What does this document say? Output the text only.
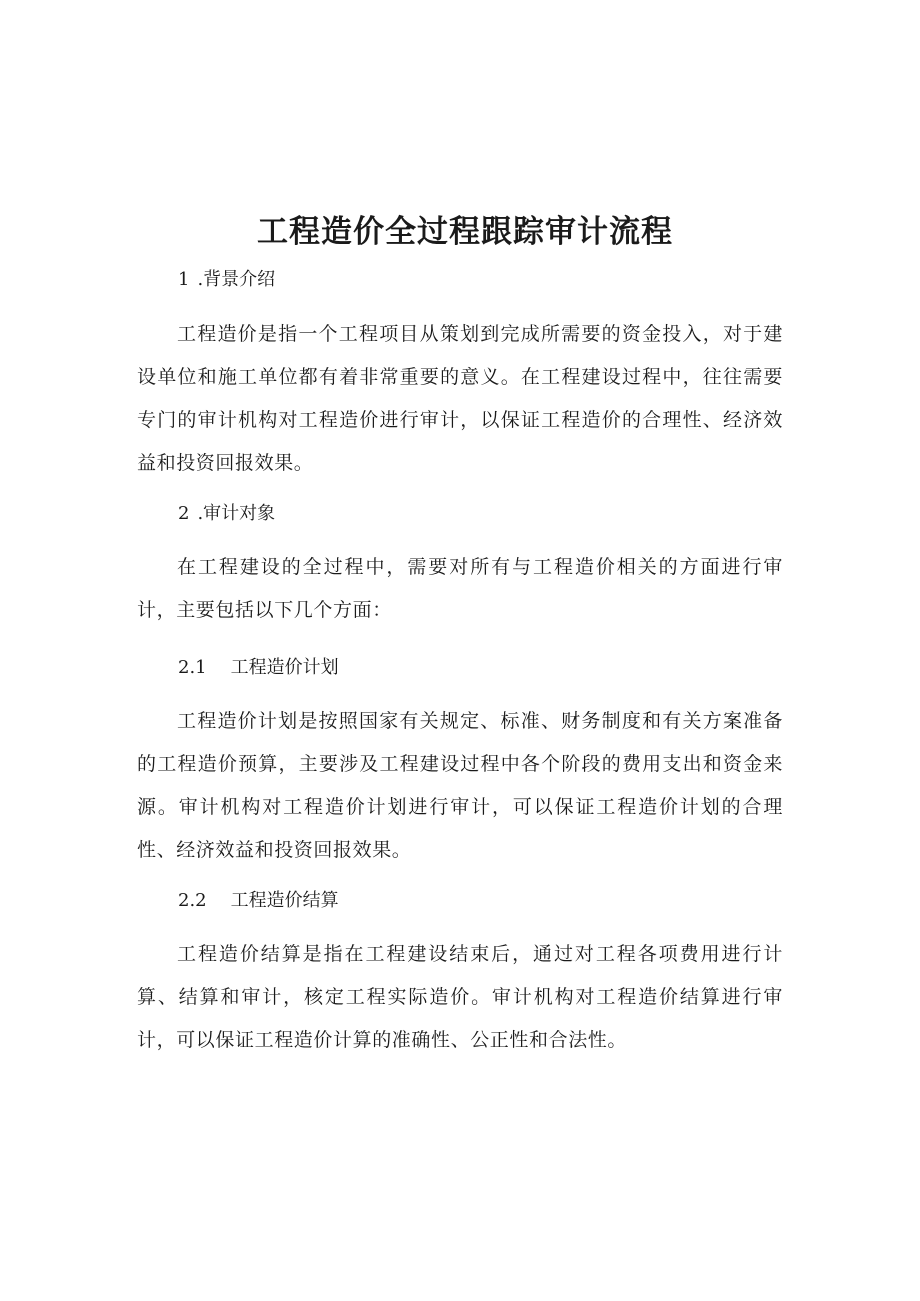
工程造价全过程跟踪审计流程
1 .背景介绍

工程造价是指一个工程项目从策划到完成所需要的资金投入，对于建设单位和施工单位都有着非常重要的意义。在工程建设过程中，往往需要专门的审计机构对工程造价进行审计，以保证工程造价的合理性、经济效益和投资回报效果。

2 .审计对象

在工程建设的全过程中，需要对所有与工程造价相关的方面进行审计，主要包括以下几个方面：

2.1 工程造价计划

工程造价计划是按照国家有关规定、标准、财务制度和有关方案准备的工程造价预算，主要涉及工程建设过程中各个阶段的费用支出和资金来源。审计机构对工程造价计划进行审计，可以保证工程造价计划的合理性、经济效益和投资回报效果。

2.2 工程造价结算

工程造价结算是指在工程建设结束后，通过对工程各项费用进行计算、结算和审计，核定工程实际造价。审计机构对工程造价结算进行审计，可以保证工程造价计算的准确性、公正性和合法性。
